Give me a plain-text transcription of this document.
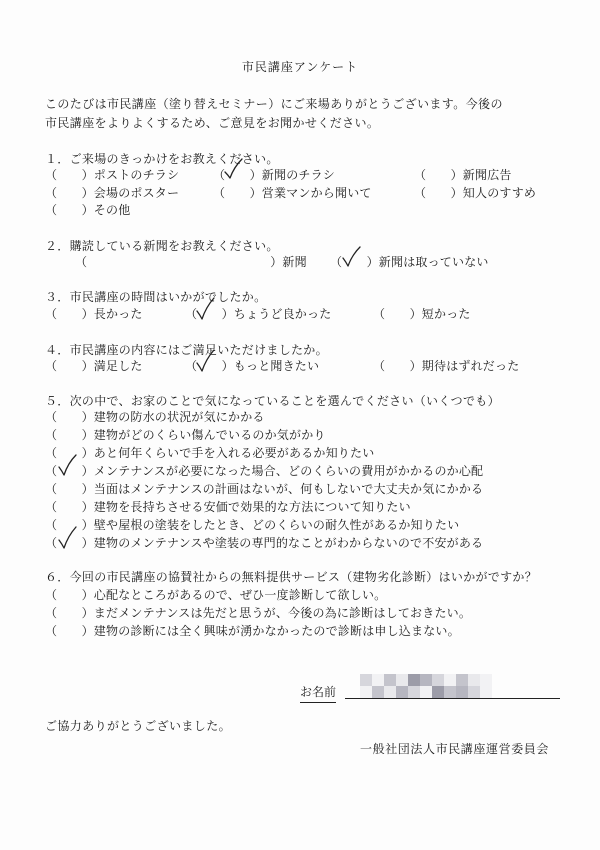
市民講座アンケート
このたびは市民講座（塗り替えセミナー）にご来場ありがとうございます。今後の
市民講座をよりよくするため、ご意見をお聞かせください。
１．ご来場のきっかけをお教えください。
（　　）ポストのチラシ	（　　）新聞のチラシ	（　　）新聞広告
（　　）会場のポスター	（　　）営業マンから聞いて	（　　）知人のすすめ
（　　）その他
２．購読している新聞をお教えください。
（　　　　　　　　　　　　　　　）新聞 （　　）新聞は取っていない
３．市民講座の時間はいかがでしたか。
（　　）長かった	（　　）ちょうど良かった	（　　）短かった
４．市民講座の内容にはご満足いただけましたか。
（　　）満足した	（　　）もっと聞きたい	（　　）期待はずれだった
５．次の中で、お家のことで気になっていることを選んでください（いくつでも）
（　　）建物の防水の状況が気にかかる
（　　）建物がどのくらい傷んでいるのか気がかり
（　　）あと何年くらいで手を入れる必要があるか知りたい
（　　）メンテナンスが必要になった場合、どのくらいの費用がかかるのか心配
（　　）当面はメンテナンスの計画はないが、何もしないで大丈夫か気にかかる
（　　）建物を長持ちさせる安価で効果的な方法について知りたい
（　　）壁や屋根の塗装をしたとき、どのくらいの耐久性があるか知りたい
（　　）建物のメンテナンスや塗装の専門的なことがわからないので不安がある
６．今回の市民講座の協賛社からの無料提供サービス（建物劣化診断）はいかがですか？
（　　）心配なところがあるので、ぜひ一度診断して欲しい。
（　　）まだメンテナンスは先だと思うが、今後の為に診断はしておきたい。
（　　）建物の診断には全く興味が湧かなかったので診断は申し込まない。
お名前
ご協力ありがとうございました。
一般社団法人市民講座運営委員会
